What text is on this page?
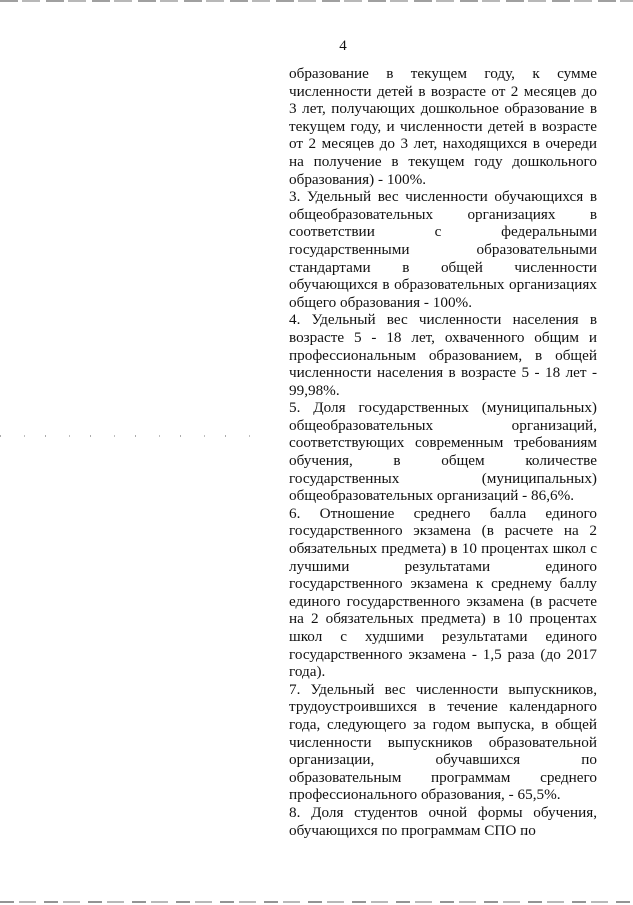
4

образование в текущем году, к сумме численности детей в возрасте от 2 месяцев до 3 лет, получающих дошкольное образование в текущем году, и численности детей в возрасте от 2 месяцев до 3 лет, находящихся в очереди на получение в текущем году дошкольного образования) - 100%.

3. Удельный вес численности обучающихся в общеобразовательных организациях в соответствии с федеральными государственными образовательными стандартами в общей численности обучающихся в образовательных организациях общего образования - 100%.

4. Удельный вес численности населения в возрасте 5 - 18 лет, охваченного общим и профессиональным образованием, в общей численности населения в возрасте 5 - 18 лет - 99,98%.

5. Доля государственных (муниципальных) общеобразовательных организаций, соответствующих современным требованиям обучения, в общем количестве государственных (муниципальных) общеобразовательных организаций - 86,6%.

6. Отношение среднего балла единого государственного экзамена (в расчете на 2 обязательных предмета) в 10 процентах школ с лучшими результатами единого государственного экзамена к среднему баллу единого государственного экзамена (в расчете на 2 обязательных предмета) в 10 процентах школ с худшими результатами единого государственного экзамена - 1,5 раза (до 2017 года).

7. Удельный вес численности выпускников, трудоустроившихся в течение календарного года, следующего за годом выпуска, в общей численности выпускников образовательной организации, обучавшихся по образовательным программам среднего профессионального образования, - 65,5%.

8. Доля студентов очной формы обучения, обучающихся по программам СПО по
